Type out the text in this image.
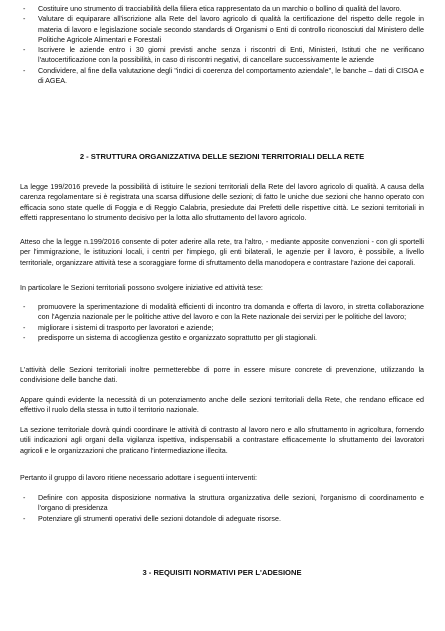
- Costituire uno strumento di tracciabilità della filiera etica rappresentato da un marchio o bollino di qualità del lavoro.
- Valutare di equiparare all'iscrizione alla Rete del lavoro agricolo di qualità la certificazione del rispetto delle regole in materia di lavoro e legislazione sociale secondo standards di Organismi o Enti di controllo riconosciuti dal Ministero delle Politiche Agricole Alimentari e Forestali
- Iscrivere le aziende entro i 30 giorni previsti anche senza i riscontri di Enti, Ministeri, Istituti che ne verificano l'autocertificazione con la possibilità, in caso di riscontri negativi, di cancellare successivamente le aziende
- Condividere, al fine della valutazione degli "indici di coerenza del comportamento aziendale", le banche – dati di CISOA e di AGEA.
2 - STRUTTURA ORGANIZZATIVA DELLE SEZIONI TERRITORIALI DELLA RETE

La legge 199/2016 prevede la possibilità di istituire le sezioni territoriali della Rete del lavoro agricolo di qualità. A causa della carenza regolamentare si è registrata una scarsa diffusione delle sezioni; di fatto le uniche due sezioni che hanno operato con efficacia sono state quelle di Foggia e di Reggio Calabria, presiedute dai Prefetti delle rispettive città. Le sezioni territoriali in effetti rappresentano lo strumento decisivo per la lotta allo sfruttamento del lavoro agricolo.

Atteso che la legge n.199/2016 consente di poter aderire alla rete, tra l'altro, - mediante apposite convenzioni - con gli sportelli per l'immigrazione, le istituzioni locali, i centri per l'impiego, gli enti bilaterali, le agenzie per il lavoro, è possibile, a livello territoriale, organizzare attività tese a scoraggiare forme di sfruttamento della manodopera e contrastare l'azione dei caporali.

In particolare le Sezioni territoriali possono svolgere iniziative ed attività tese:

- promuovere la sperimentazione di modalità efficienti di incontro tra domanda e offerta di lavoro, in stretta collaborazione con l'Agenzia nazionale per le politiche attive del lavoro e con la Rete nazionale dei servizi per le politiche del lavoro;
- migliorare i sistemi di trasporto per lavoratori e aziende;
- predisporre un sistema di accoglienza gestito e organizzato soprattutto per gli stagionali.

L'attività delle Sezioni territoriali inoltre permetterebbe di porre in essere misure concrete di prevenzione, utilizzando la condivisione delle banche dati.

Appare quindi evidente la necessità di un potenziamento anche delle sezioni territoriali della Rete, che rendano efficace ed effettivo il ruolo della stessa in tutto il territorio nazionale.

La sezione territoriale dovrà quindi coordinare le attività di contrasto al lavoro nero e allo sfruttamento in agricoltura, fornendo utili indicazioni agli organi della vigilanza ispettiva, indispensabili a contrastare efficacemente lo sfruttamento dei lavoratori agricoli e le organizzazioni che praticano l'intermediazione illecita.

Pertanto il gruppo di lavoro ritiene necessario adottare i seguenti interventi:

- Definire con apposita disposizione normativa la struttura organizzativa delle sezioni, l'organismo di coordinamento e l'organo di presidenza
- Potenziare gli strumenti operativi delle sezioni dotandole di adeguate risorse.
3 - REQUISITI NORMATIVI PER L'ADESIONE
